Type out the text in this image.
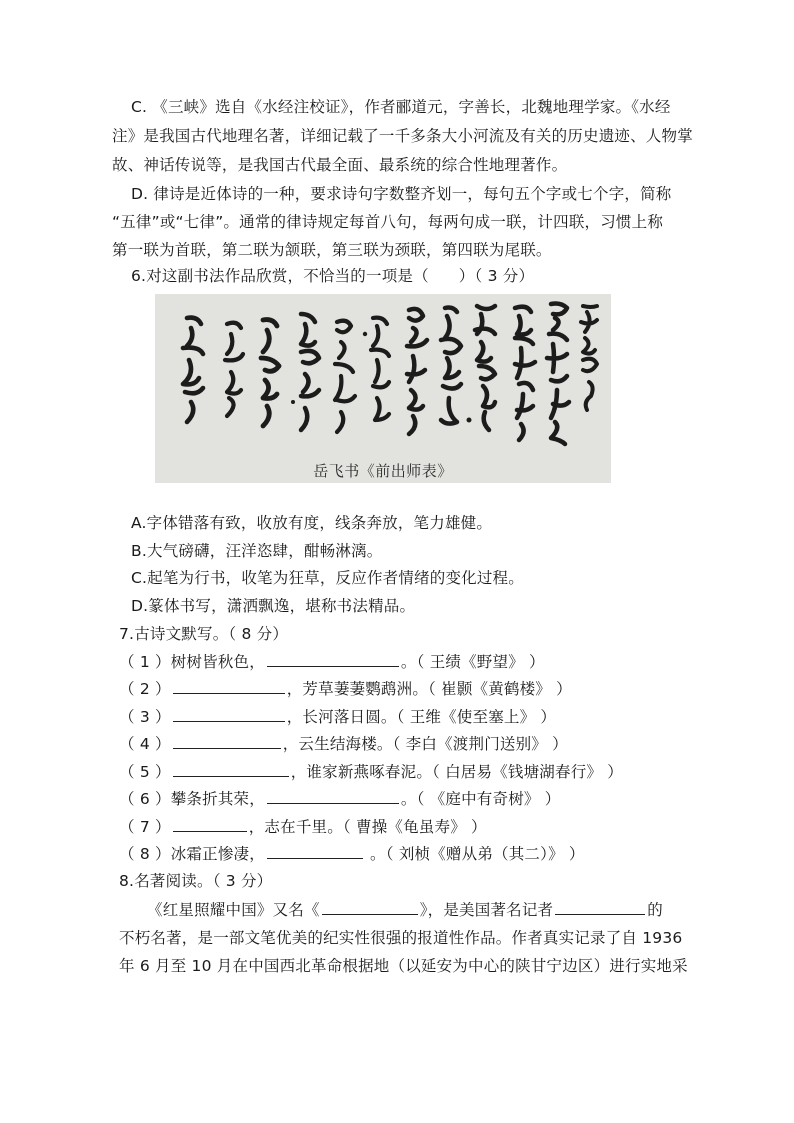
C. 《三峡》选自《水经注校证》，作者郦道元，字善长，北魏地理学家。《水经
注》是我国古代地理名著，详细记载了一千多条大小河流及有关的历史遗迹、人物掌
故、神话传说等，是我国古代最全面、最系统的综合性地理著作。
D. 律诗是近体诗的一种，要求诗句字数整齐划一，每句五个字或七个字，简称
“五律”或“七律”。通常的律诗规定每首八句，每两句成一联，计四联，习惯上称
第一联为首联，第二联为颔联，第三联为颈联，第四联为尾联。
6.对这副书法作品欣赏，不恰当的一项是（ ）（ 3 分）
岳飞书《前出师表》
A.字体错落有致，收放有度，线条奔放，笔力雄健。
B.大气磅礴，汪洋恣肆，酣畅淋漓。
C.起笔为行书，收笔为狂草，反应作者情绪的变化过程。
D.篆体书写，潇洒飘逸，堪称书法精品。
7.古诗文默写。（ 8 分）
（ 1 ）树树皆秋色，	。（ 王绩《野望》 ）
（ 2 ）	，芳草萋萋鹦鹉洲。（ 崔颢《黄鹤楼》 ）
（ 3 ）	，长河落日圆。（ 王维《使至塞上》 ）
（ 4 ）	，云生结海楼。（ 李白《渡荆门送别》 ）
（ 5 ）	，谁家新燕啄春泥。（ 白居易《钱塘湖春行》 ）
（ 6 ）攀条折其荣，	。（ 《庭中有奇树》 ）
（ 7 ）	，志在千里。（ 曹操《龟虽寿》 ）
（ 8 ）冰霜正惨凄，	。（ 刘桢《赠从弟（其二）》 ）
8.名著阅读。（ 3 分）
《红星照耀中国》又名《	》，是美国著名记者	的
不朽名著，是一部文笔优美的纪实性很强的报道性作品。作者真实记录了自 1936
年 6 月至 10 月在中国西北革命根据地（以延安为中心的陕甘宁边区）进行实地采
